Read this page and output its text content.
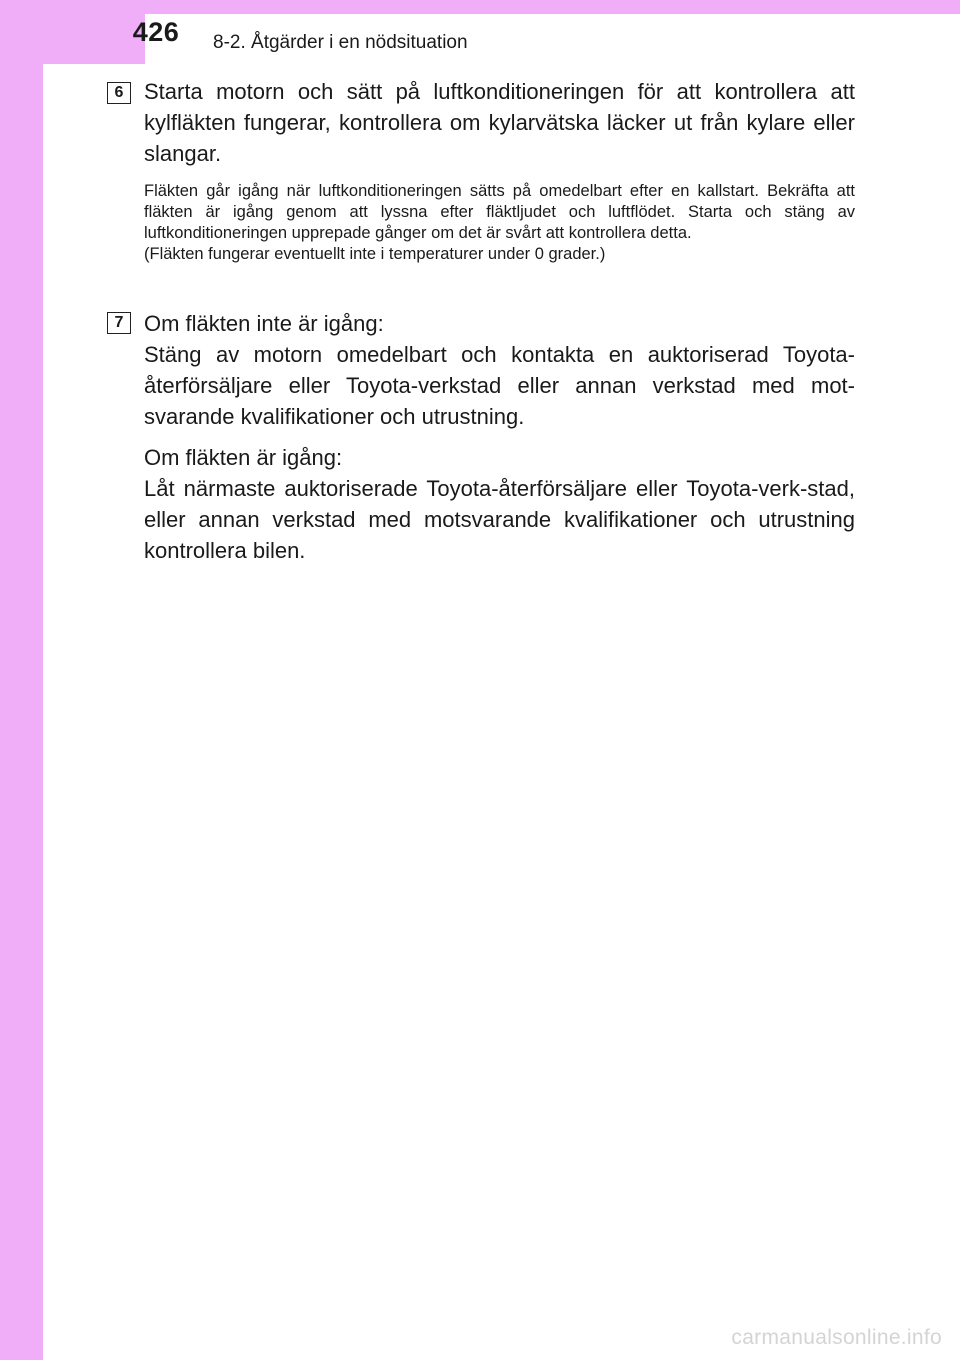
426	8-2. Åtgärder i en nödsituation
6 Starta motorn och sätt på luftkonditioneringen för att kontrollera att kylfläkten fungerar, kontrollera om kylarvätska läcker ut från kylare eller slangar.

Fläkten går igång när luftkonditioneringen sätts på omedelbart efter en kallstart. Bekräfta att fläkten är igång genom att lyssna efter fläktljudet och luftflödet. Starta och stäng av luftkonditioneringen upprepade gånger om det är svårt att kontrollera detta.

(Fläkten fungerar eventuellt inte i temperaturer under 0 grader.)

7 Om fläkten inte är igång:

Stäng av motorn omedelbart och kontakta en auktoriserad Toyota-återförsäljare eller Toyota-verkstad eller annan verkstad med mot-svarande kvalifikationer och utrustning.

Om fläkten är igång:

Låt närmaste auktoriserade Toyota-återförsäljare eller Toyota-verk-stad, eller annan verkstad med motsvarande kvalifikationer och utrustning kontrollera bilen.

carmanualsonline.info
